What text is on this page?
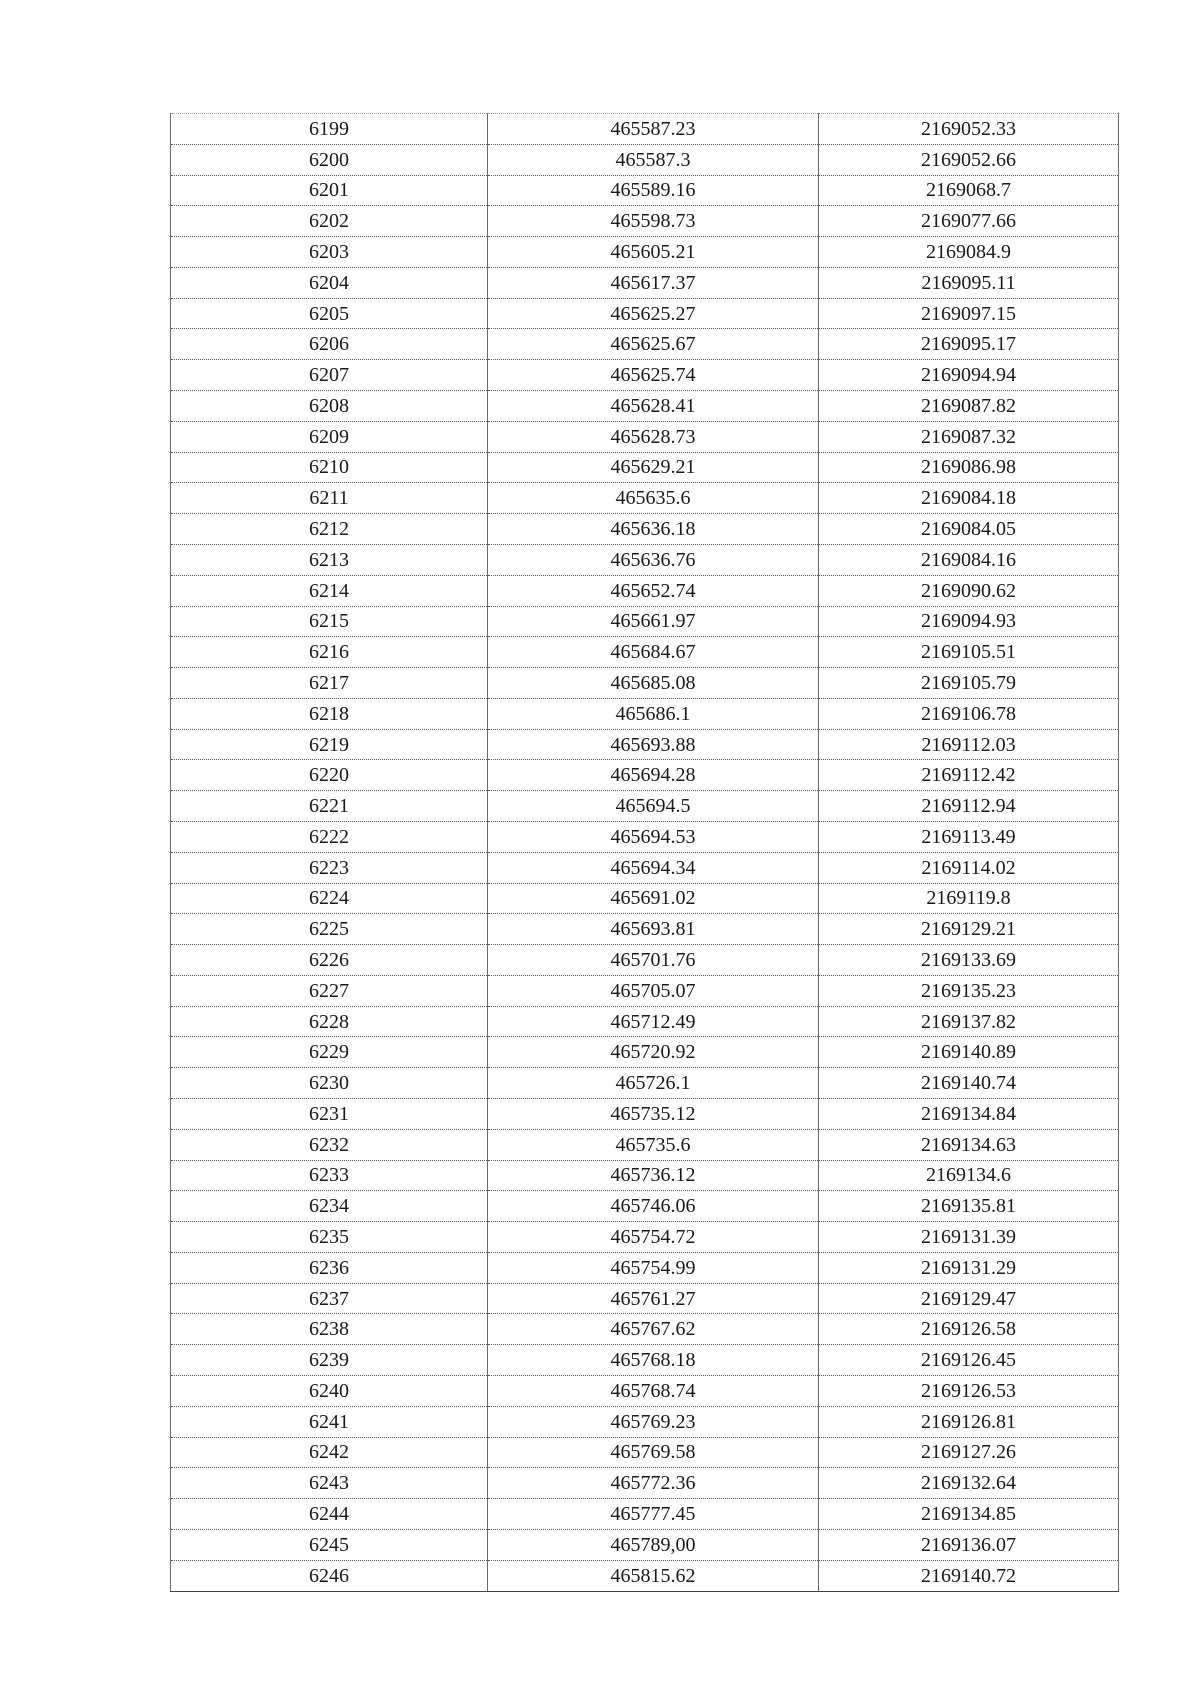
6199	465587.23	2169052.33
6200	465587.3	2169052.66
6201	465589.16	2169068.7
6202	465598.73	2169077.66
6203	465605.21	2169084.9
6204	465617.37	2169095.11
6205	465625.27	2169097.15
6206	465625.67	2169095.17
6207	465625.74	2169094.94
6208	465628.41	2169087.82
6209	465628.73	2169087.32
6210	465629.21	2169086.98
6211	465635.6	2169084.18
6212	465636.18	2169084.05
6213	465636.76	2169084.16
6214	465652.74	2169090.62
6215	465661.97	2169094.93
6216	465684.67	2169105.51
6217	465685.08	2169105.79
6218	465686.1	2169106.78
6219	465693.88	2169112.03
6220	465694.28	2169112.42
6221	465694.5	2169112.94
6222	465694.53	2169113.49
6223	465694.34	2169114.02
6224	465691.02	2169119.8
6225	465693.81	2169129.21
6226	465701.76	2169133.69
6227	465705.07	2169135.23
6228	465712.49	2169137.82
6229	465720.92	2169140.89
6230	465726.1	2169140.74
6231	465735.12	2169134.84
6232	465735.6	2169134.63
6233	465736.12	2169134.6
6234	465746.06	2169135.81
6235	465754.72	2169131.39
6236	465754.99	2169131.29
6237	465761.27	2169129.47
6238	465767.62	2169126.58
6239	465768.18	2169126.45
6240	465768.74	2169126.53
6241	465769.23	2169126.81
6242	465769.58	2169127.26
6243	465772.36	2169132.64
6244	465777.45	2169134.85
6245	465789,00	2169136.07
6246	465815.62	2169140.72
